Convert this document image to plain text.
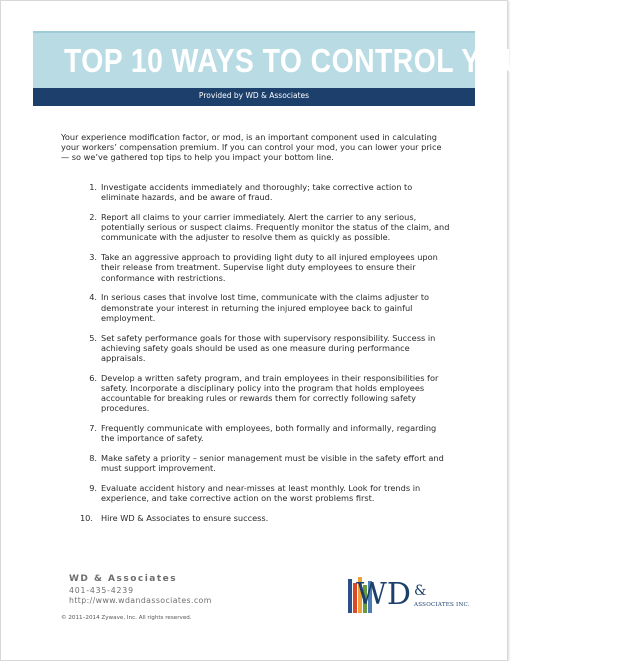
TOP 10 WAYS TO CONTROL YOUR MOD
Provided by WD & Associates
Your experience modification factor, or mod, is an important component used in calculating your workers’ compensation premium. If you can control your mod, you can lower your price — so we’ve gathered top tips to help you impact your bottom line.
1. Investigate accidents immediately and thoroughly; take corrective action to eliminate hazards, and be aware of fraud.
2. Report all claims to your carrier immediately. Alert the carrier to any serious, potentially serious or suspect claims. Frequently monitor the status of the claim, and communicate with the adjuster to resolve them as quickly as possible.
3. Take an aggressive approach to providing light duty to all injured employees upon their release from treatment. Supervise light duty employees to ensure their conformance with restrictions.
4. In serious cases that involve lost time, communicate with the claims adjuster to demonstrate your interest in returning the injured employee back to gainful employment.
5. Set safety performance goals for those with supervisory responsibility. Success in achieving safety goals should be used as one measure during performance appraisals.
6. Develop a written safety program, and train employees in their responsibilities for safety. Incorporate a disciplinary policy into the program that holds employees accountable for breaking rules or rewards them for correctly following safety procedures.
7. Frequently communicate with employees, both formally and informally, regarding the importance of safety.
8. Make safety a priority – senior management must be visible in the safety effort and must support improvement.
9. Evaluate accident history and near-misses at least monthly. Look for trends in experience, and take corrective action on the worst problems first.
10. Hire WD & Associates to ensure success.
WD & Associates
401-435-4239
http://www.wdandassociates.com
© 2011–2014 Zywave, Inc. All rights reserved.
WD &
ASSOCIATES INC.
